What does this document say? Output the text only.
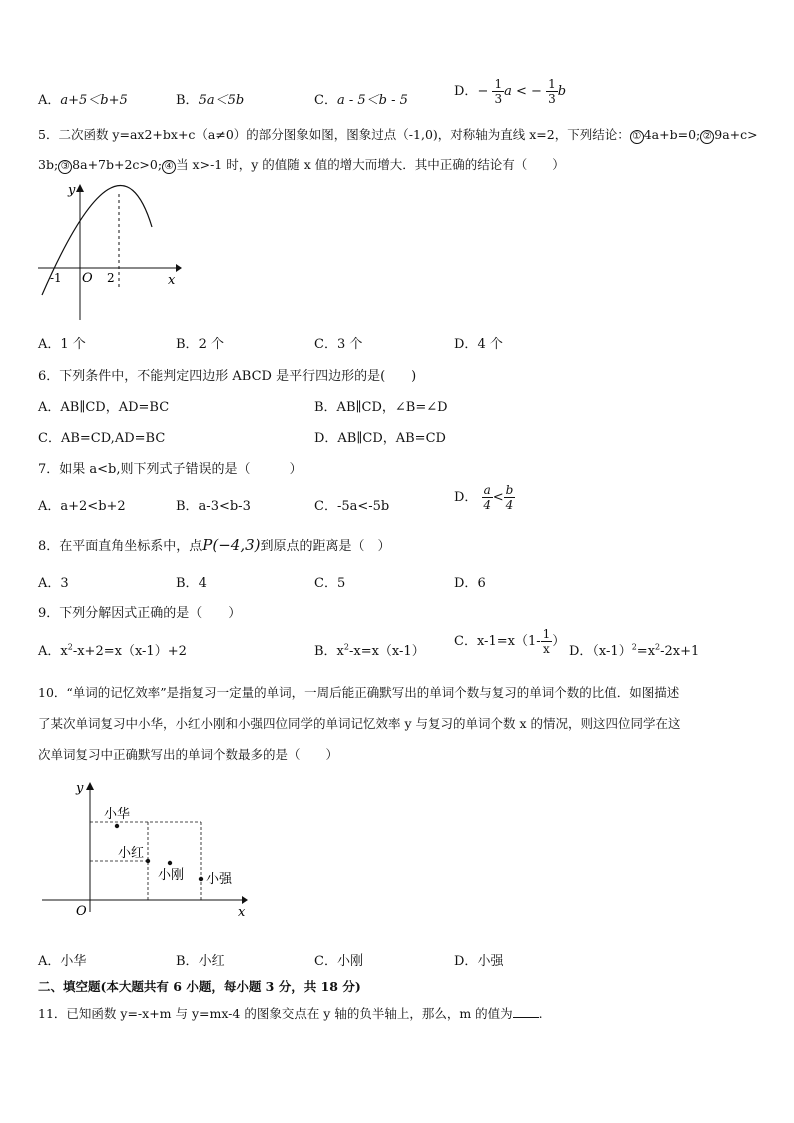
A．a+5＜b+5	B．5a＜5b	C．a - 5＜b - 5
D．− $\frac{1}{3}$ a < − $\frac{1}{3}$ b
5．二次函数 y=ax2+bx+c（a≠0）的部分图象如图，图象过点（-1,0)，对称轴为直线 x=2，下列结论： ① 4a+b=0; ② 9a+c>
3b; ③ 8a+7b+2c>0; ④ 当 x>-1 时，y 的值随 x 值的增大而增大．其中正确的结论有（　　）
y
x
O
-1	2
A．1 个	B．2 个	C．3 个	D．4 个
6．下列条件中，不能判定四边形 ABCD 是平行四边形的是(　　)
A．AB∥CD，AD=BC	B．AB∥CD，∠B=∠D
C．AB=CD,AD=BC	D．AB∥CD，AB=CD
7．如果 a<b,则下列式子错误的是（　　　）
A．a+2<b+2	B．a-3<b-3	C．-5a<-5b
D． $\frac{a}{4} < \frac{b}{4}$
8．在平面直角坐标系中，点P(−4,3)到原点的距离是（　）
A．3	B．4	C．5	D．6
9．下列分解因式正确的是（　　）
A．$x^2-x+2=x(x-1)+2$	B．$x^2-x=x(x-1)$
C．$x-1=x(1- \frac{1}{x}$ ）
D．$(x-1)^2=x^2-2x+1$
10．“单词的记忆效率”是指复习一定量的单词，一周后能正确默写出的单词个数与复习的单词个数的比值．如图描述
了某次单词复习中小华，小红小刚和小强四位同学的单词记忆效率 y 与复习的单词个数 x 的情况，则这四位同学在这
次单词复习中正确默写出的单词个数最多的是（　　）
y
x
O
小华
小红
小刚 小强
A．小华	B．小红	C．小刚	D．小强
二、填空题(本大题共有 6 小题，每小题 3 分，共 18 分)
11．已知函数 y=-x+m 与 y=mx-4 的图象交点在 y 轴的负半轴上，那么，m 的值为 .
